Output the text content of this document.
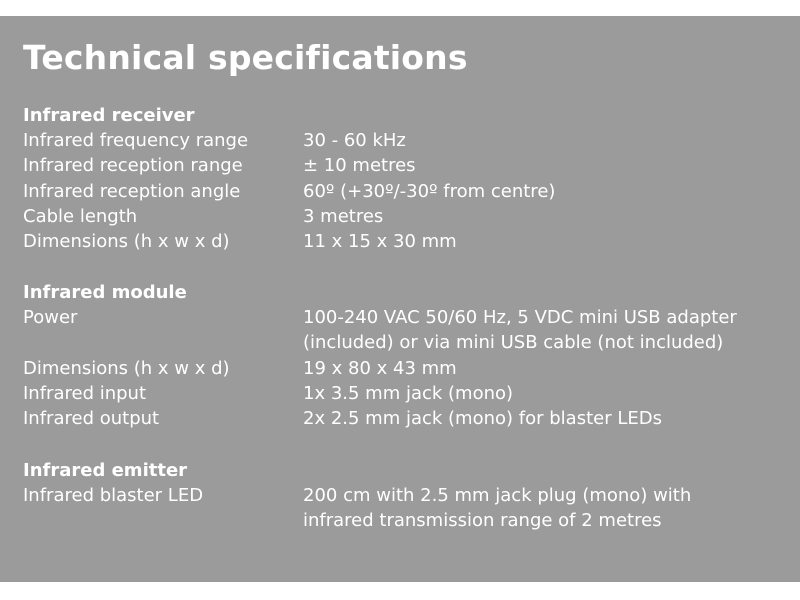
Technical specifications
Infrared receiver
Infrared frequency range	30 - 60 kHz
Infrared reception range	± 10 metres
Infrared reception angle	60º (+30º/-30º from centre)
Cable length	3 metres
Dimensions (h x w x d)	11 x 15 x 30 mm
Infrared module
Power	100-240 VAC 50/60 Hz, 5 VDC mini USB adapter
(included) or via mini USB cable (not included)
Dimensions (h x w x d)	19 x 80 x 43 mm
Infrared input	1x 3.5 mm jack (mono)
Infrared output	2x 2.5 mm jack (mono) for blaster LEDs
Infrared emitter
Infrared blaster LED	200 cm with 2.5 mm jack plug (mono) with
infrared transmission range of 2 metres
